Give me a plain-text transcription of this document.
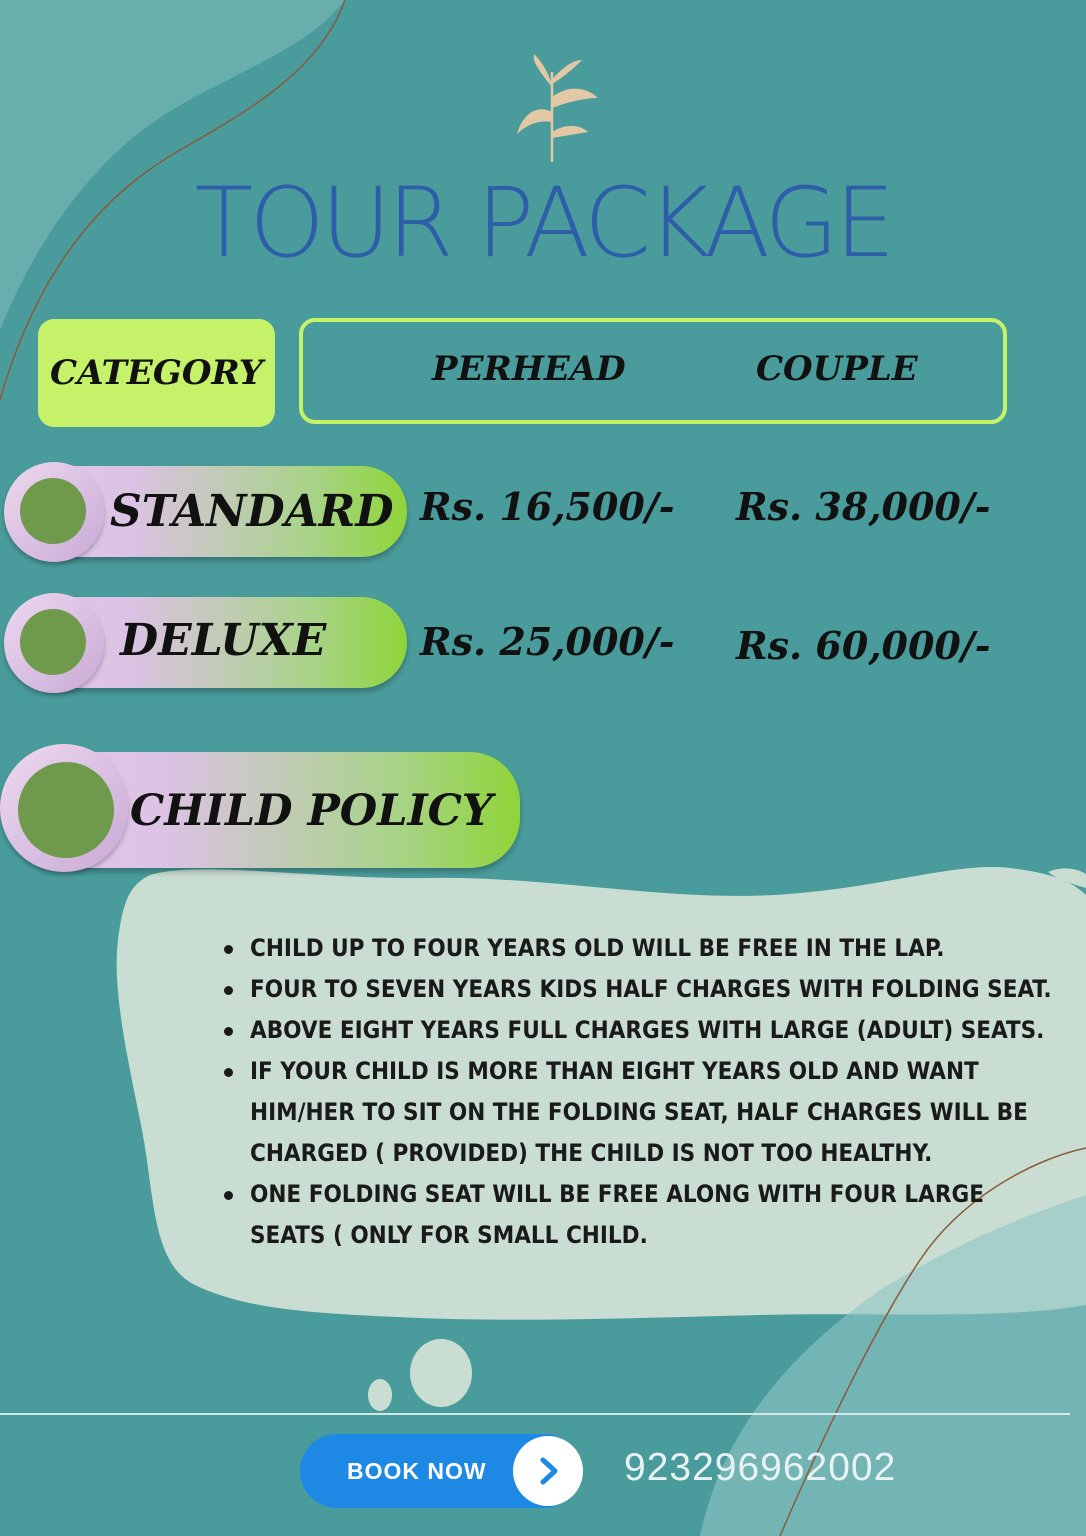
TOUR PACKAGE
CATEGORY	PERHEAD	COUPLE
STANDARD Rs. 16,500/- Rs. 38,000/-
DELUXE Rs. 25,000/- Rs. 60,000/-
CHILD POLICY
CHILD UP TO FOUR YEARS OLD WILL BE FREE IN THE LAP.
FOUR TO SEVEN YEARS KIDS HALF CHARGES WITH FOLDING SEAT.
ABOVE EIGHT YEARS FULL CHARGES WITH LARGE (ADULT) SEATS.
IF YOUR CHILD IS MORE THAN EIGHT YEARS OLD AND WANT HIM/HER TO SIT ON THE FOLDING SEAT, HALF CHARGES WILL BE CHARGED ( PROVIDED) THE CHILD IS NOT TOO HEALTHY.
ONE FOLDING SEAT WILL BE FREE ALONG WITH FOUR LARGE SEATS ( ONLY FOR SMALL CHILD.
BOOK NOW	923296962002
